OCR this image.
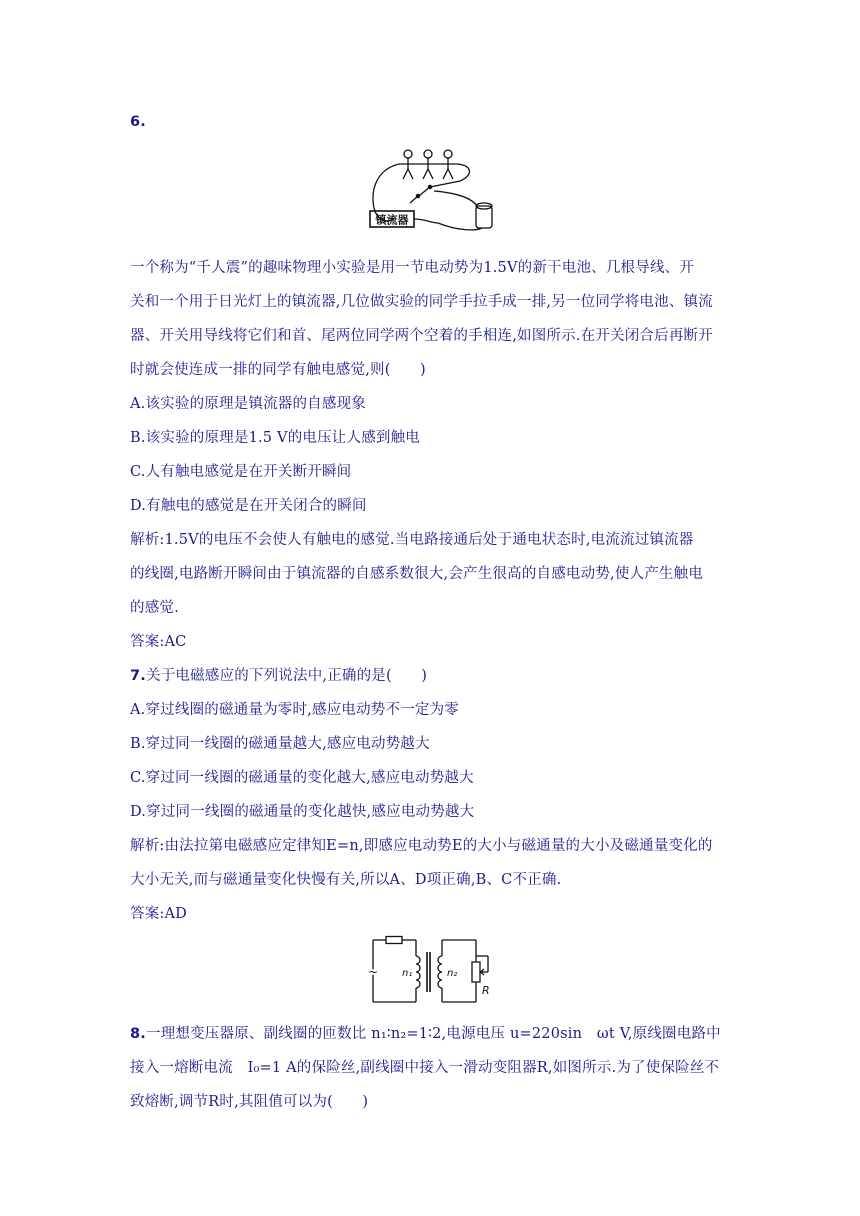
6.
镇流器
一个称为“千人震”的趣味物理小实验是用一节电动势为1.5V的新干电池、几根导线、开
关和一个用于日光灯上的镇流器,几位做实验的同学手拉手成一排,另一位同学将电池、镇流
器、开关用导线将它们和首、尾两位同学两个空着的手相连,如图所示.在开关闭合后再断开
时就会使连成一排的同学有触电感觉,则(　　)
A.该实验的原理是镇流器的自感现象
B.该实验的原理是1.5 V的电压让人感到触电
C.人有触电感觉是在开关断开瞬间
D.有触电的感觉是在开关闭合的瞬间
解析:1.5V的电压不会使人有触电的感觉.当电路接通后处于通电状态时,电流流过镇流器
的线圈,电路断开瞬间由于镇流器的自感系数很大,会产生很高的自感电动势,使人产生触电
的感觉.
答案:AC
7.关于电磁感应的下列说法中,正确的是(　　)
A.穿过线圈的磁通量为零时,感应电动势不一定为零
B.穿过同一线圈的磁通量越大,感应电动势越大
C.穿过同一线圈的磁通量的变化越大,感应电动势越大
D.穿过同一线圈的磁通量的变化越快,感应电动势越大
解析:由法拉第电磁感应定律知E=n,即感应电动势E的大小与磁通量的大小及磁通量变化的
大小无关,而与磁通量变化快慢有关,所以A、D项正确,B、C不正确.
答案:AD
~ n₁	n₂
R
8.一理想变压器原、副线圈的匝数比 n₁∶n₂=1∶2,电源电压 u=220sin　ωt V,原线圈电路中
接入一熔断电流　I₀=1 A的保险丝,副线圈中接入一滑动变阻器R,如图所示.为了使保险丝不
致熔断,调节R时,其阻值可以为(　　)
